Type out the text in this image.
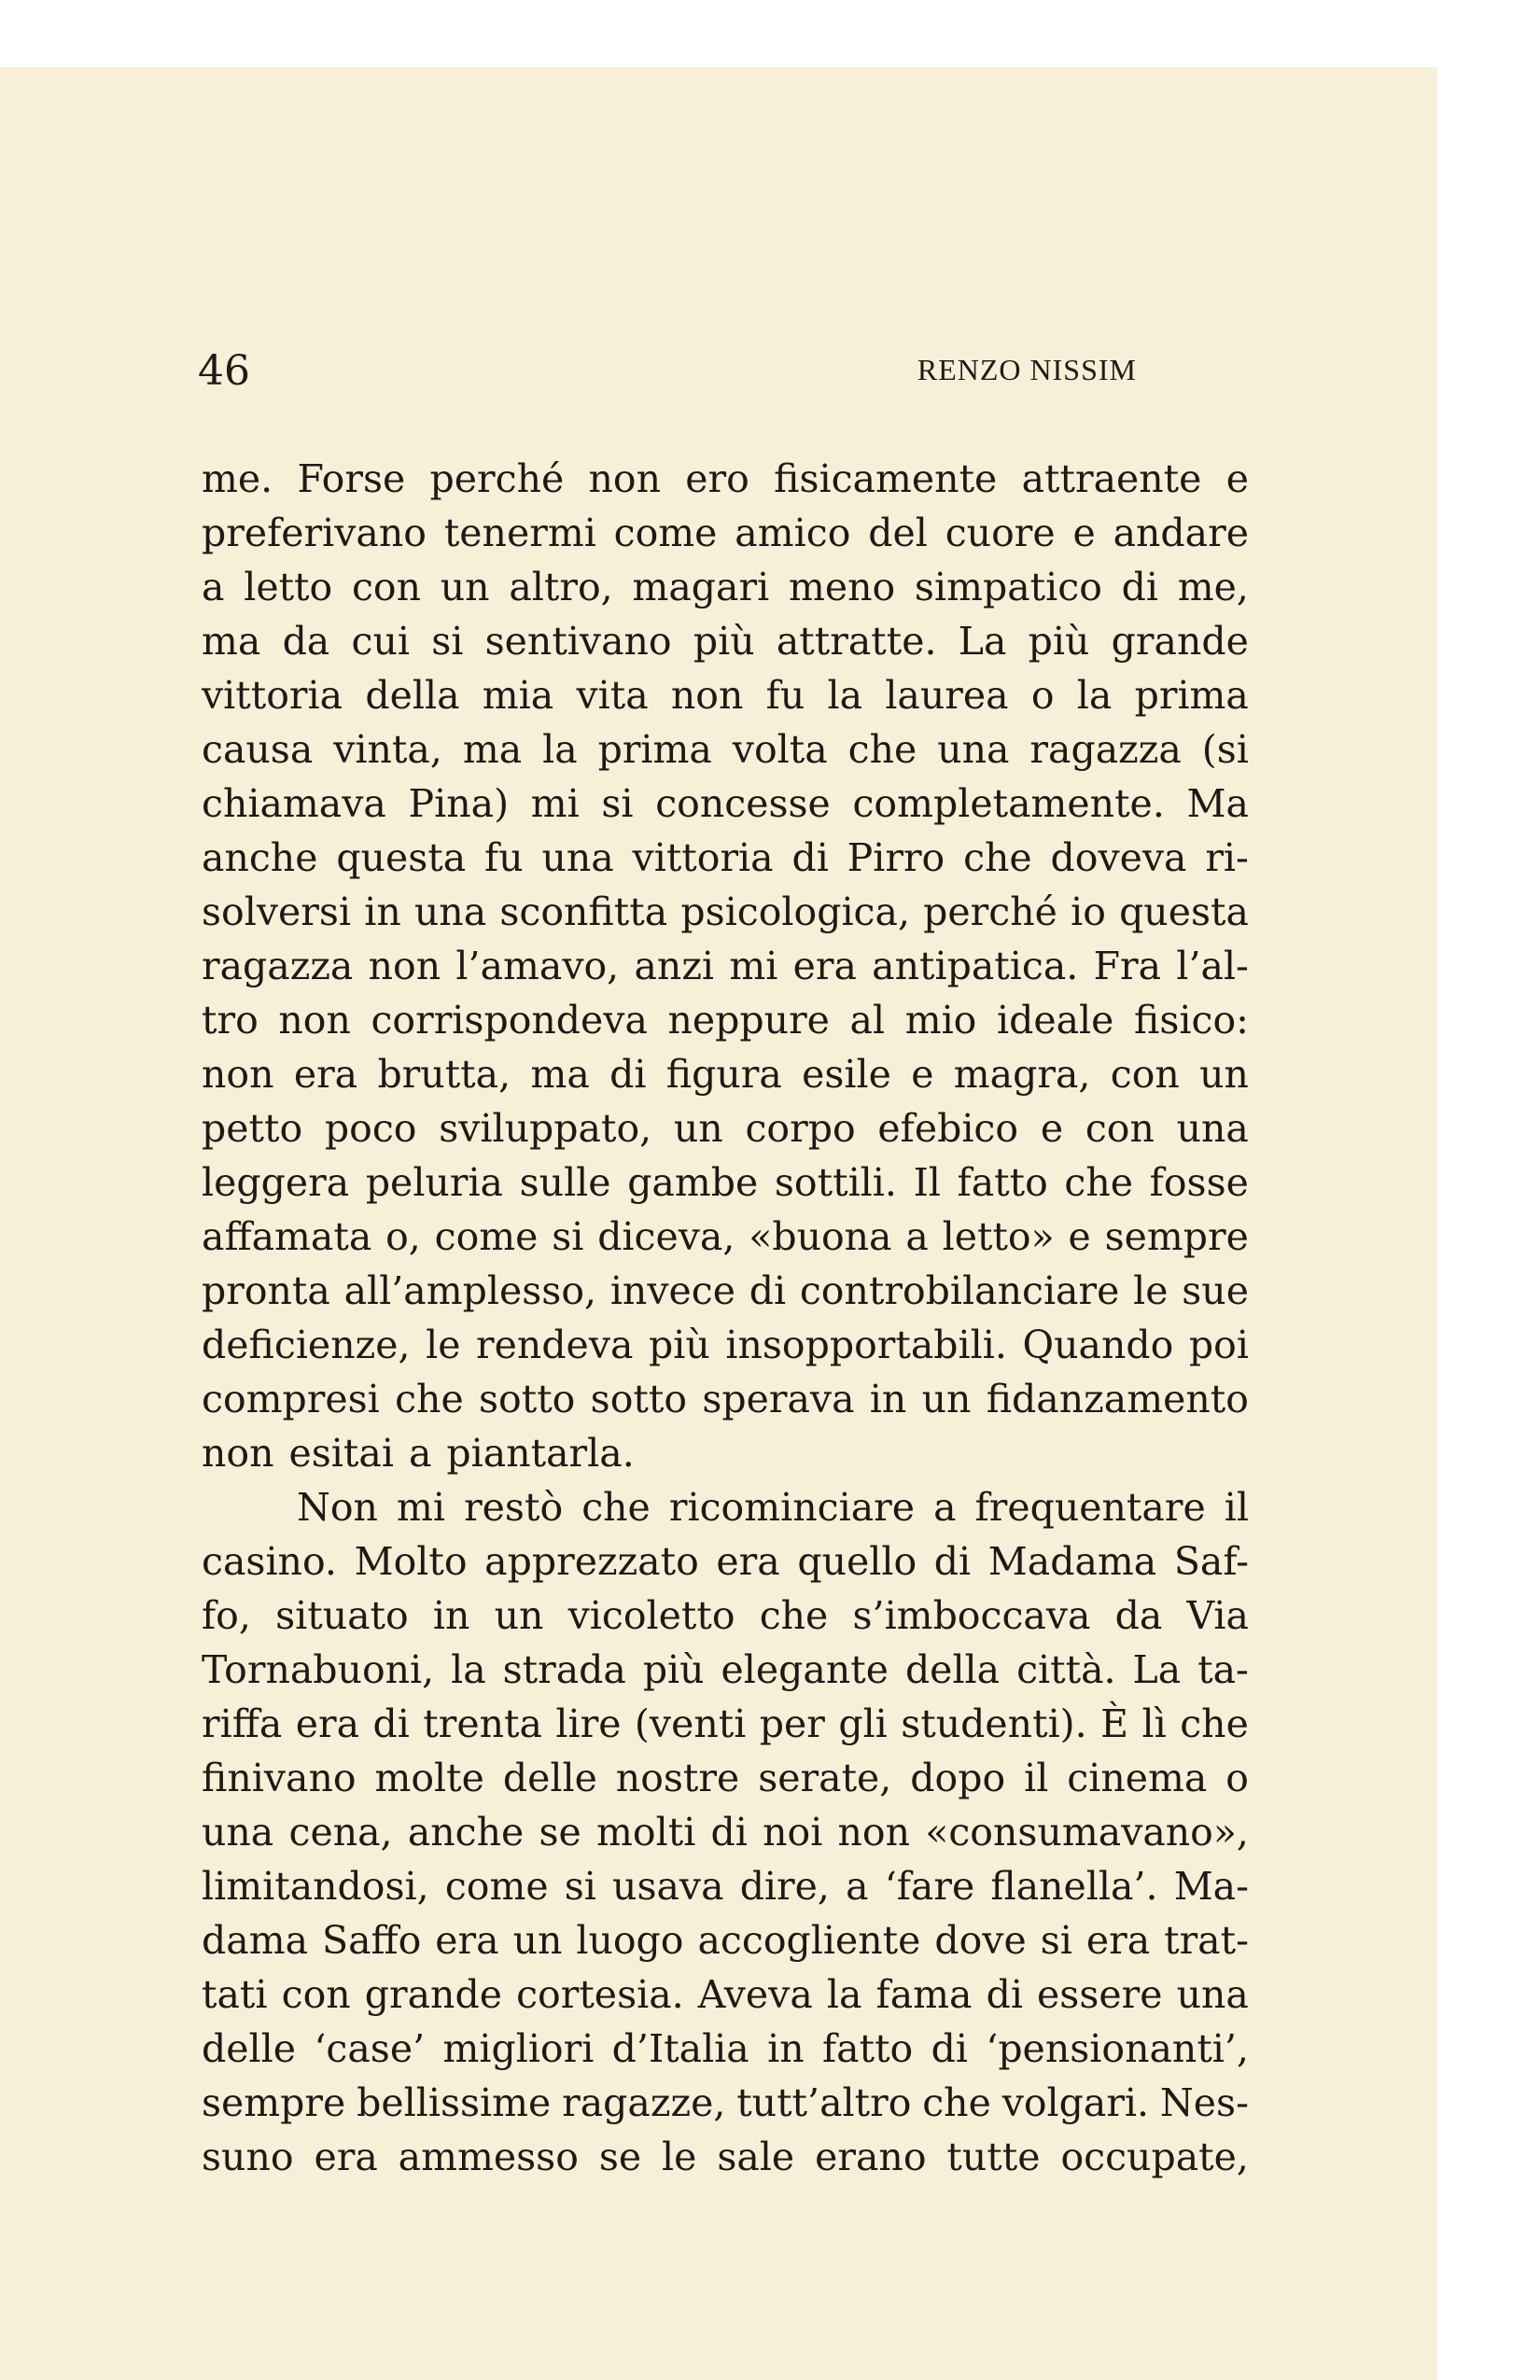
46	RENZO NISSIM
me. Forse perché non ero fisicamente attraente e
preferivano tenermi come amico del cuore e andare
a letto con un altro, magari meno simpatico di me,
ma da cui si sentivano più attratte. La più grande
vittoria della mia vita non fu la laurea o la prima
causa vinta, ma la prima volta che una ragazza (si
chiamava Pina) mi si concesse completamente. Ma
anche questa fu una vittoria di Pirro che doveva ri-
solversi in una sconfitta psicologica, perché io questa
ragazza non l’amavo, anzi mi era antipatica. Fra l’al-
tro non corrispondeva neppure al mio ideale fisico:
non era brutta, ma di figura esile e magra, con un
petto poco sviluppato, un corpo efebico e con una
leggera peluria sulle gambe sottili. Il fatto che fosse
affamata o, come si diceva, «buona a letto» e sempre
pronta all’amplesso, invece di controbilanciare le sue
deficienze, le rendeva più insopportabili. Quando poi
compresi che sotto sotto sperava in un fidanzamento
non esitai a piantarla.
Non mi restò che ricominciare a frequentare il
casino. Molto apprezzato era quello di Madama Saf-
fo, situato in un vicoletto che s’imboccava da Via
Tornabuoni, la strada più elegante della città. La ta-
riffa era di trenta lire (venti per gli studenti). È lì che
finivano molte delle nostre serate, dopo il cinema o
una cena, anche se molti di noi non «consumavano»,
limitandosi, come si usava dire, a ‘fare flanella’. Ma-
dama Saffo era un luogo accogliente dove si era trat-
tati con grande cortesia. Aveva la fama di essere una
delle ‘case’ migliori d’Italia in fatto di ‘pensionanti’,
sempre bellissime ragazze, tutt’altro che volgari. Nes-
suno era ammesso se le sale erano tutte occupate,
